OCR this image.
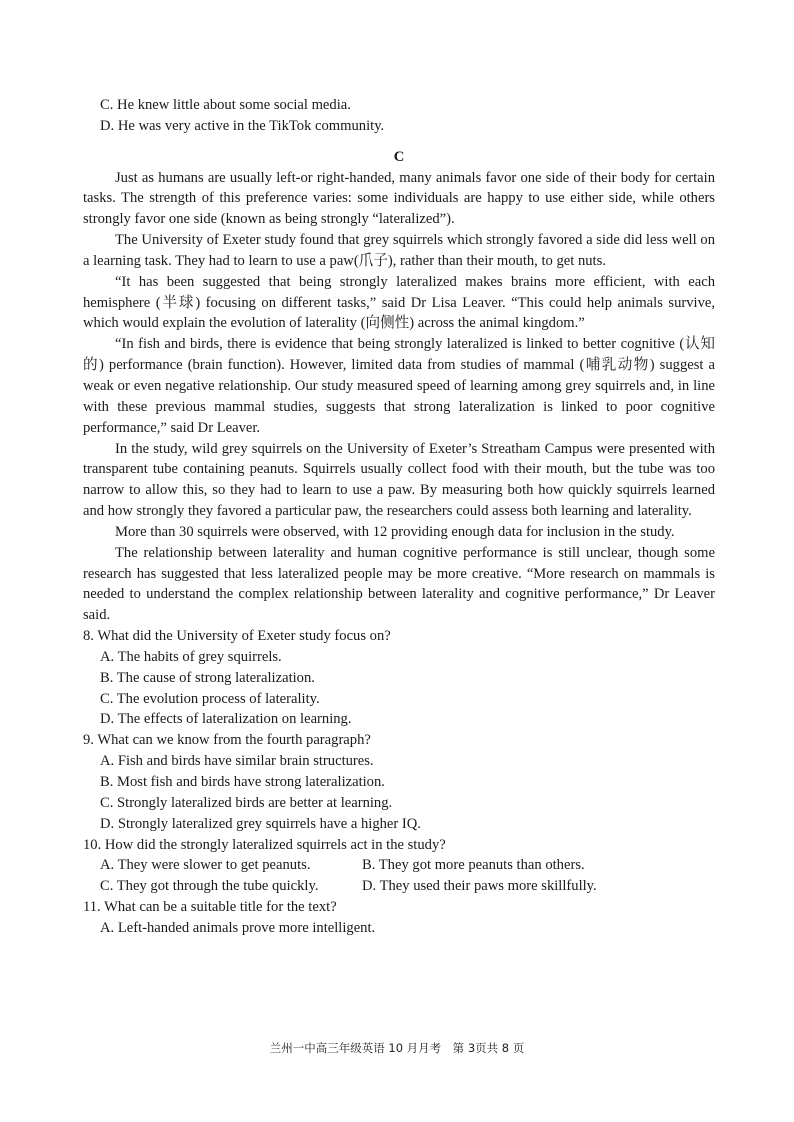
C. He knew little about some social media.
D. He was very active in the TikTok community.
C
Just as humans are usually left-or right-handed, many animals favor one side of their body for certain tasks. The strength of this preference varies: some individuals are happy to use either side, while others strongly favor one side (known as being strongly “lateralized”).
The University of Exeter study found that grey squirrels which strongly favored a side did less well on a learning task. They had to learn to use a paw(爪子), rather than their mouth, to get nuts.
“It has been suggested that being strongly lateralized makes brains more efficient, with each hemisphere (半球) focusing on different tasks,” said Dr Lisa Leaver. “This could help animals survive, which would explain the evolution of laterality (向侧性) across the animal kingdom.”
“In fish and birds, there is evidence that being strongly lateralized is linked to better cognitive (认知的) performance (brain function). However, limited data from studies of mammal (哺乳动物) suggest a weak or even negative relationship. Our study measured speed of learning among grey squirrels and, in line with these previous mammal studies, suggests that strong lateralization is linked to poor cognitive performance,” said Dr Leaver.
In the study, wild grey squirrels on the University of Exeter’s Streatham Campus were presented with transparent tube containing peanuts. Squirrels usually collect food with their mouth, but the tube was too narrow to allow this, so they had to learn to use a paw. By measuring both how quickly squirrels learned and how strongly they favored a particular paw, the researchers could assess both learning and laterality.
More than 30 squirrels were observed, with 12 providing enough data for inclusion in the study.
The relationship between laterality and human cognitive performance is still unclear, though some research has suggested that less lateralized people may be more creative. “More research on mammals is needed to understand the complex relationship between laterality and cognitive performance,” Dr Leaver said.
8. What did the University of Exeter study focus on?
A. The habits of grey squirrels.
B. The cause of strong lateralization.
C. The evolution process of laterality.
D. The effects of lateralization on learning.
9. What can we know from the fourth paragraph?
A. Fish and birds have similar brain structures.
B. Most fish and birds have strong lateralization.
C. Strongly lateralized birds are better at learning.
D. Strongly lateralized grey squirrels have a higher IQ.
10. How did the strongly lateralized squirrels act in the study?
A. They were slower to get peanuts.	B. They got more peanuts than others.
C. They got through the tube quickly.	D. They used their paws more skillfully.
11. What can be a suitable title for the text?
A. Left-handed animals prove more intelligent.
兰州一中高三年级英语 10 月月考　第 3页共 8 页
